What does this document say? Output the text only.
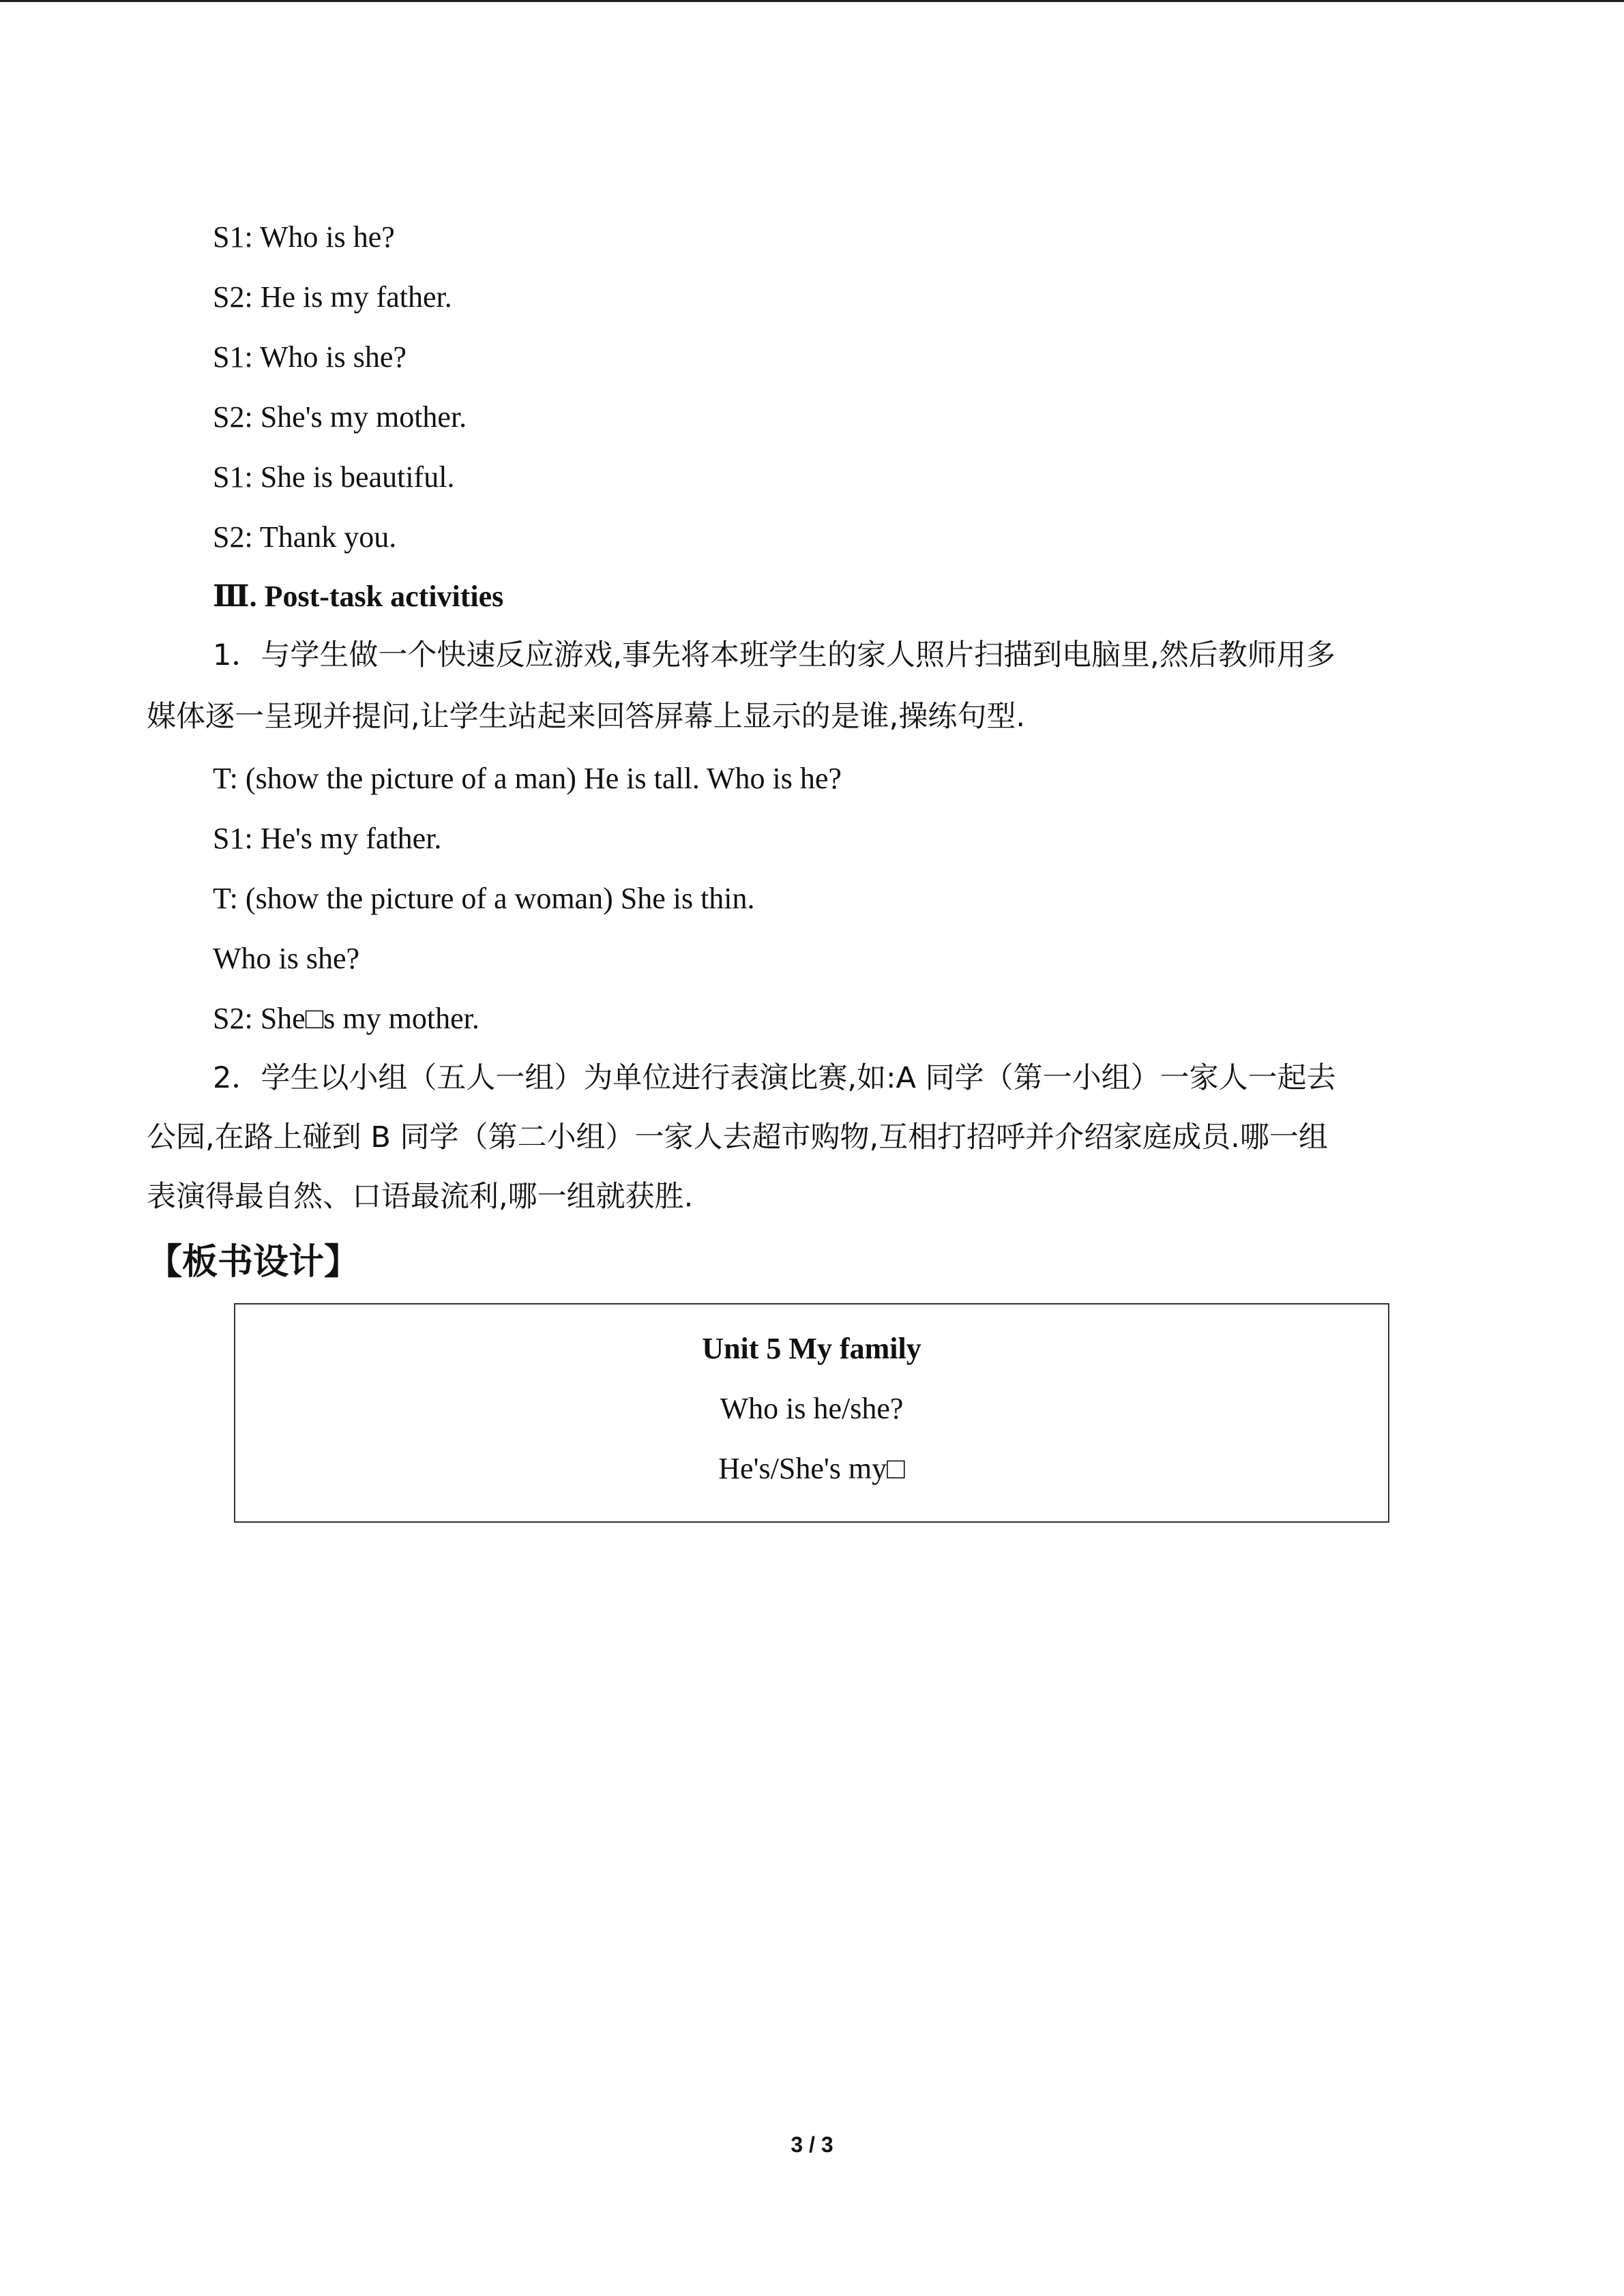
S1: Who is he?
S2: He is my father.
S1: Who is she?
S2: She's my mother.
S1: She is beautiful.
S2: Thank you.
Ⅲ. Post-task activities
1．与学生做一个快速反应游戏,事先将本班学生的家人照片扫描到电脑里,然后教师用多
媒体逐一呈现并提问,让学生站起来回答屏幕上显示的是谁,操练句型.
T: (show the picture of a man) He is tall. Who is he?
S1: He's my father.
T: (show the picture of a woman) She is thin.
Who is she?
S2: She□s my mother.
2．学生以小组（五人一组）为单位进行表演比赛,如:A 同学（第一小组）一家人一起去
公园,在路上碰到 B 同学（第二小组）一家人去超市购物,互相打招呼并介绍家庭成员.哪一组
表演得最自然、口语最流利,哪一组就获胜.
【板书设计】
Unit 5 My family
Who is he/she?
He's/She's my□
3 / 3
